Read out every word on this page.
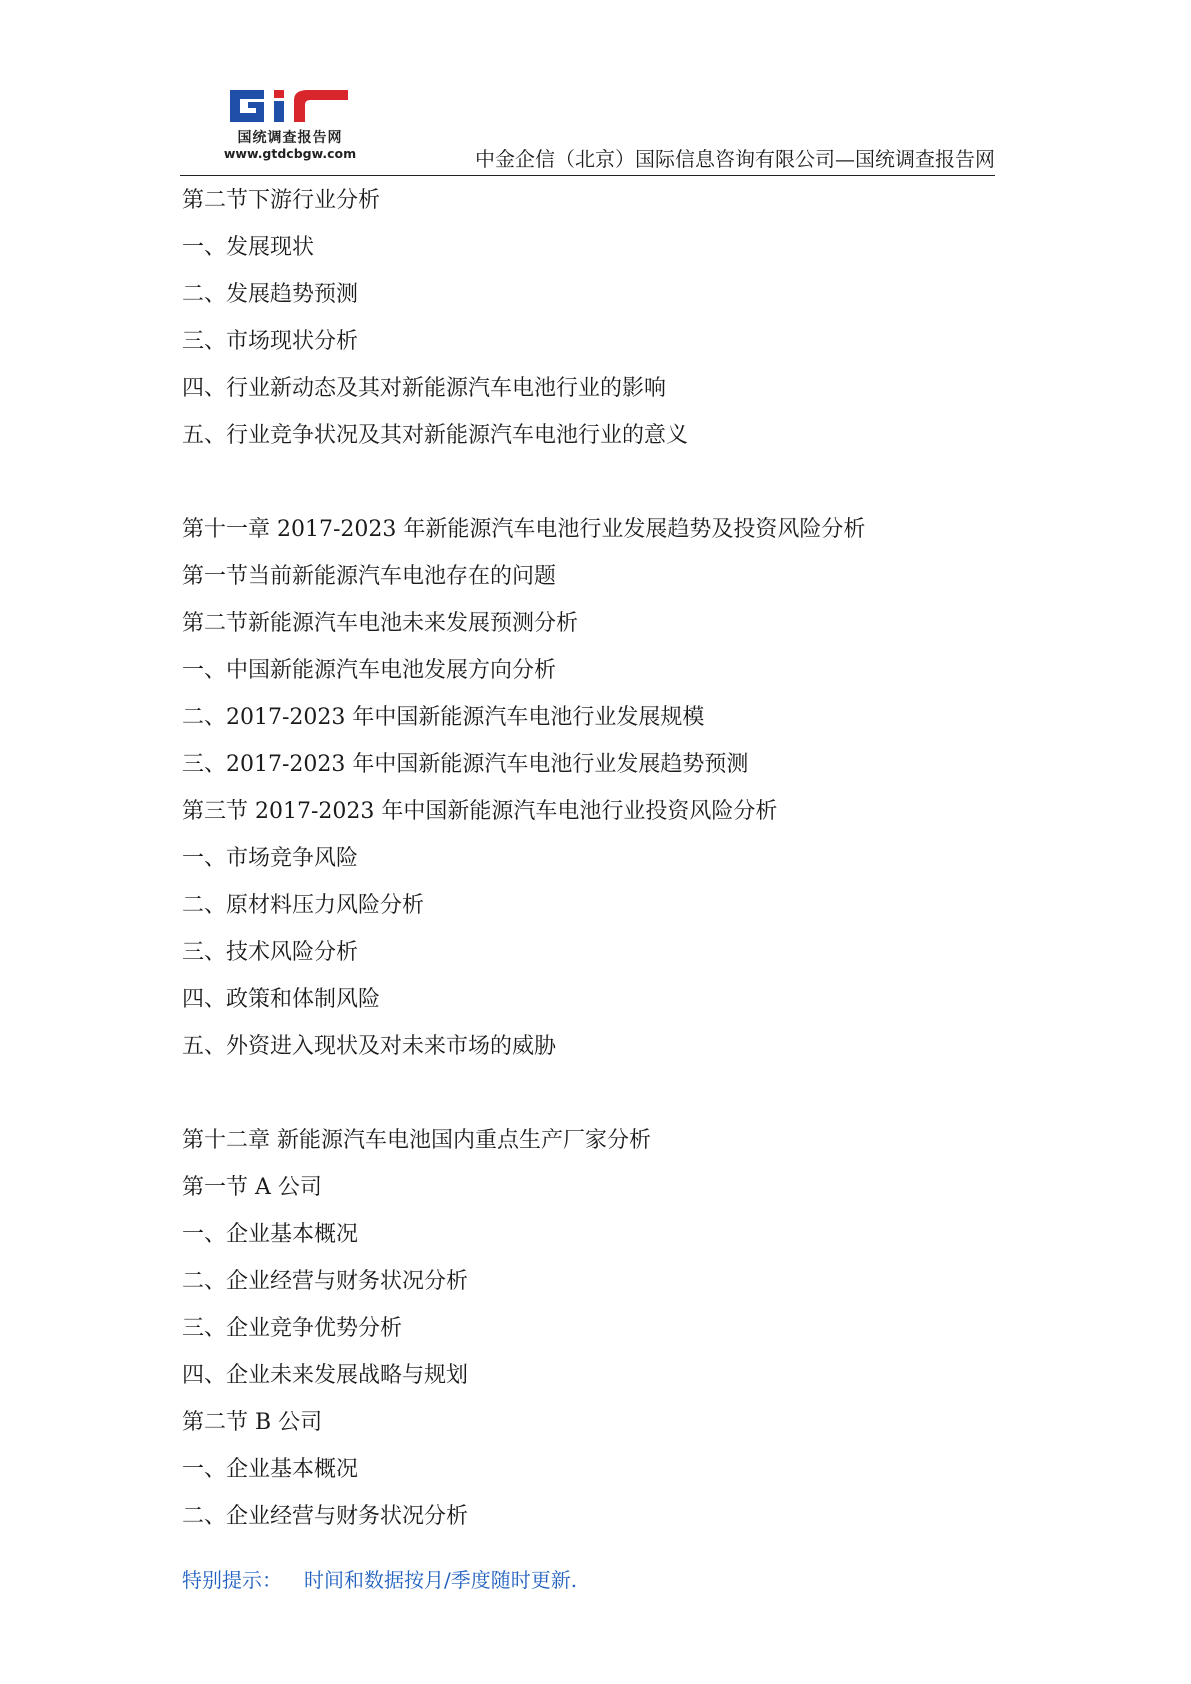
国统调查报告网
www.gtdcbgw.com	中金企信（北京）国际信息咨询有限公司—国统调查报告网
第二节下游行业分析
一、发展现状
二、发展趋势预测
三、市场现状分析
四、行业新动态及其对新能源汽车电池行业的影响
五、行业竞争状况及其对新能源汽车电池行业的意义
第十一章 2017-2023 年新能源汽车电池行业发展趋势及投资风险分析
第一节当前新能源汽车电池存在的问题
第二节新能源汽车电池未来发展预测分析
一、中国新能源汽车电池发展方向分析
二、2017-2023 年中国新能源汽车电池行业发展规模
三、2017-2023 年中国新能源汽车电池行业发展趋势预测
第三节 2017-2023 年中国新能源汽车电池行业投资风险分析
一、市场竞争风险
二、原材料压力风险分析
三、技术风险分析
四、政策和体制风险
五、外资进入现状及对未来市场的威胁
第十二章 新能源汽车电池国内重点生产厂家分析
第一节 A 公司
一、企业基本概况
二、企业经营与财务状况分析
三、企业竞争优势分析
四、企业未来发展战略与规划
第二节 B 公司
一、企业基本概况
二、企业经营与财务状况分析
特别提示： 时间和数据按月/季度随时更新.
